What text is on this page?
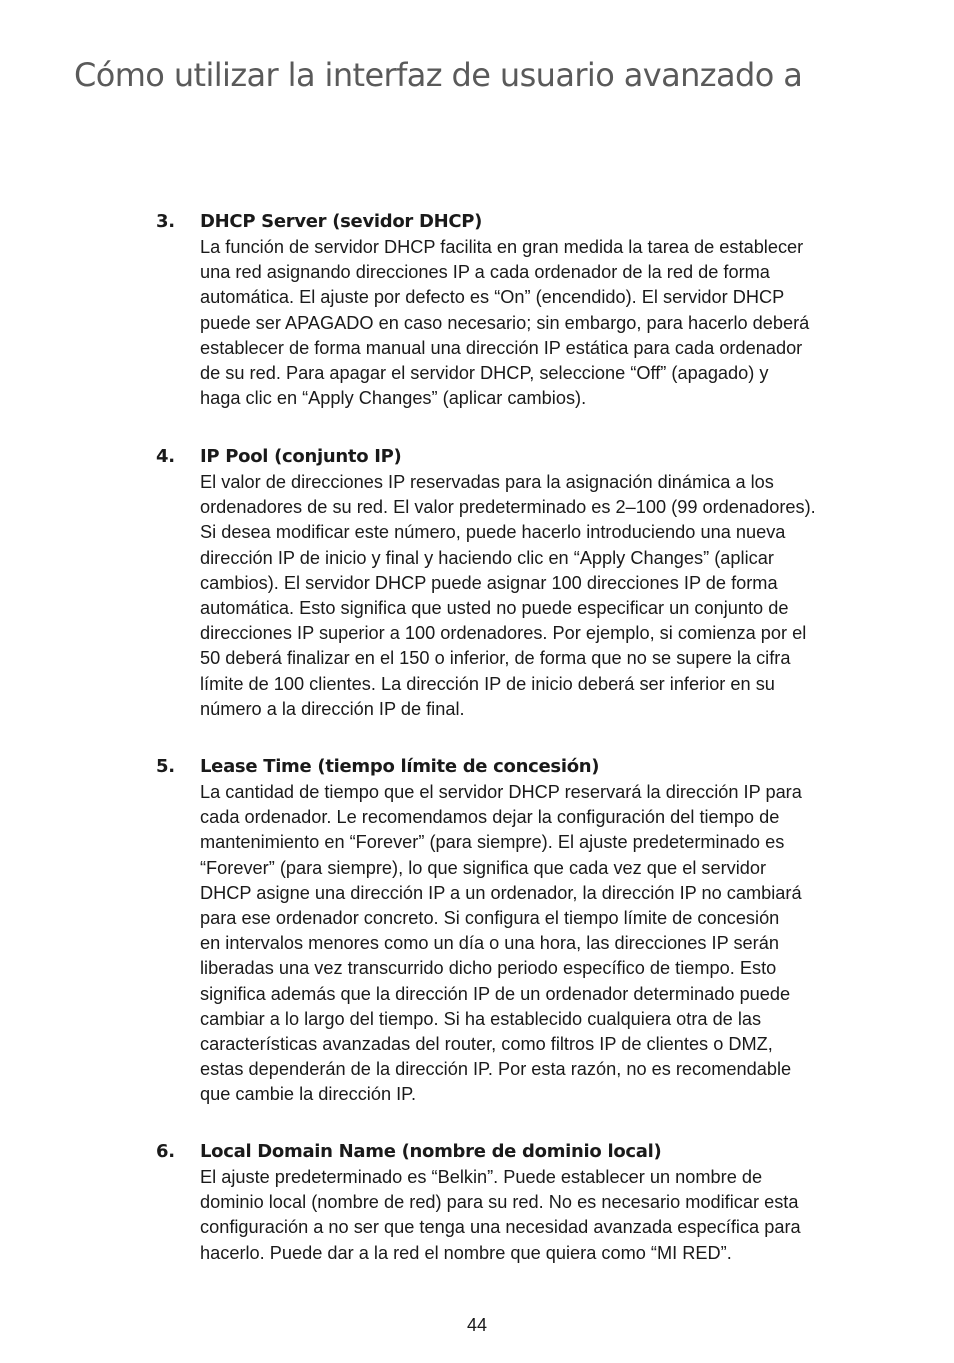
Cómo utilizar la interfaz de usuario avanzado a
3.	DHCP Server (sevidor DHCP)

La función de servidor DHCP facilita en gran medida la tarea de establecer
una red asignando direcciones IP a cada ordenador de la red de forma
automática. El ajuste por defecto es “On” (encendido). El servidor DHCP
puede ser APAGADO en caso necesario; sin embargo, para hacerlo deberá
establecer de forma manual una dirección IP estática para cada ordenador
de su red. Para apagar el servidor DHCP, seleccione “Off” (apagado) y
haga clic en “Apply Changes” (aplicar cambios).

4.	IP Pool (conjunto IP)

El valor de direcciones IP reservadas para la asignación dinámica a los
ordenadores de su red. El valor predeterminado es 2–100 (99 ordenadores).
Si desea modificar este número, puede hacerlo introduciendo una nueva
dirección IP de inicio y final y haciendo clic en “Apply Changes” (aplicar
cambios). El servidor DHCP puede asignar 100 direcciones IP de forma
automática. Esto significa que usted no puede especificar un conjunto de
direcciones IP superior a 100 ordenadores. Por ejemplo, si comienza por el
50 deberá finalizar en el 150 o inferior, de forma que no se supere la cifra
límite de 100 clientes. La dirección IP de inicio deberá ser inferior en su
número a la dirección IP de final.

5.	Lease Time (tiempo límite de concesión)

La cantidad de tiempo que el servidor DHCP reservará la dirección IP para
cada ordenador. Le recomendamos dejar la configuración del tiempo de
mantenimiento en “Forever” (para siempre). El ajuste predeterminado es
“Forever” (para siempre), lo que significa que cada vez que el servidor
DHCP asigne una dirección IP a un ordenador, la dirección IP no cambiará
para ese ordenador concreto. Si configura el tiempo límite de concesión
en intervalos menores como un día o una hora, las direcciones IP serán
liberadas una vez transcurrido dicho periodo específico de tiempo. Esto
significa además que la dirección IP de un ordenador determinado puede
cambiar a lo largo del tiempo. Si ha establecido cualquiera otra de las
características avanzadas del router, como filtros IP de clientes o DMZ,
estas dependerán de la dirección IP. Por esta razón, no es recomendable
que cambie la dirección IP.

6.	Local Domain Name (nombre de dominio local)

El ajuste predeterminado es “Belkin”. Puede establecer un nombre de
dominio local (nombre de red) para su red. No es necesario modificar esta
configuración a no ser que tenga una necesidad avanzada específica para
hacerlo. Puede dar a la red el nombre que quiera como “MI RED”.

44
